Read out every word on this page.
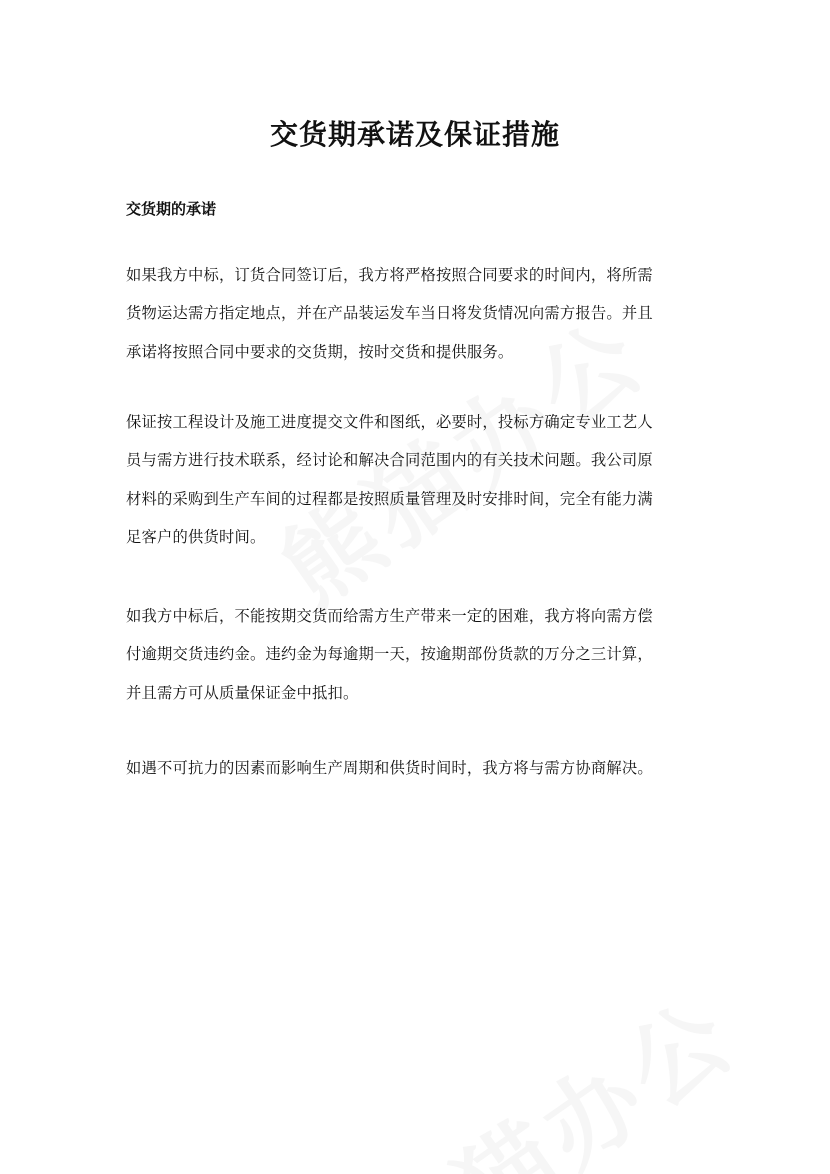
交货期承诺及保证措施
交货期的承诺

如果我方中标，订货合同签订后，我方将严格按照合同要求的时间内，将所需
货物运达需方指定地点，并在产品装运发车当日将发货情况向需方报告。并且
承诺将按照合同中要求的交货期，按时交货和提供服务。

保证按工程设计及施工进度提交文件和图纸，必要时，投标方确定专业工艺人
员与需方进行技术联系，经讨论和解决合同范围内的有关技术问题。我公司原
材料的采购到生产车间的过程都是按照质量管理及时安排时间，完全有能力满
足客户的供货时间。

如我方中标后，不能按期交货而给需方生产带来一定的困难，我方将向需方偿
付逾期交货违约金。违约金为每逾期一天，按逾期部份货款的万分之三计算，
并且需方可从质量保证金中抵扣。

如遇不可抗力的因素而影响生产周期和供货时间时，我方将与需方协商解决。
